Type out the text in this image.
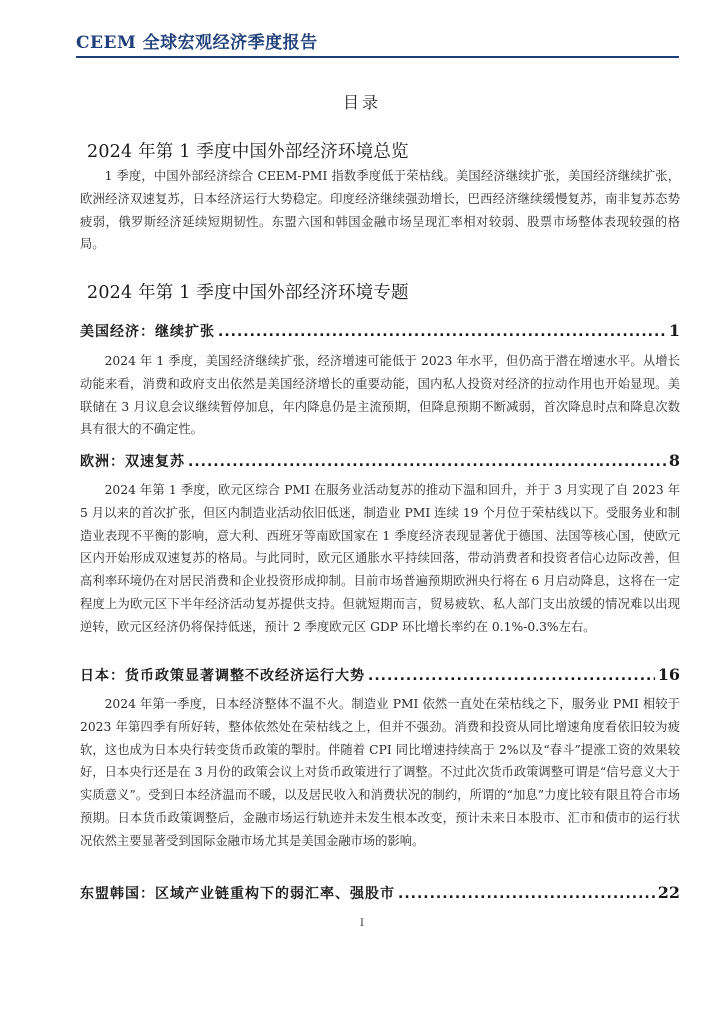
CEEM 全球宏观经济季度报告
目录
2024 年第 1 季度中国外部经济环境总览

1 季度，中国外部经济综合 CEEM-PMI 指数季度低于荣枯线。美国经济继续扩张，美国经济继续扩张，欧洲经济双速复苏，日本经济运行大势稳定。印度经济继续强劲增长，巴西经济继续缓慢复苏，南非复苏态势疲弱，俄罗斯经济延续短期韧性。东盟六国和韩国金融市场呈现汇率相对较弱、股票市场整体表现较强的格局。

2024 年第 1 季度中国外部经济环境专题
美国经济：继续扩张 .....	1

2024 年 1 季度，美国经济继续扩张，经济增速可能低于 2023 年水平，但仍高于潜在增速水平。从增长动能来看，消费和政府支出依然是美国经济增长的重要动能，国内私人投资对经济的拉动作用也开始显现。美联储在 3 月议息会议继续暂停加息，年内降息仍是主流预期，但降息预期不断减弱，首次降息时点和降息次数具有很大的不确定性。

欧洲：双速复苏 .....	8

2024 年第 1 季度，欧元区综合 PMI 在服务业活动复苏的推动下温和回升，并于 3 月实现了自 2023 年 5 月以来的首次扩张，但区内制造业活动依旧低迷，制造业 PMI 连续 19 个月位于荣枯线以下。受服务业和制造业表现不平衡的影响，意大利、西班牙等南欧国家在 1 季度经济表现显著优于德国、法国等核心国，使欧元区内开始形成双速复苏的格局。与此同时，欧元区通胀水平持续回落，带动消费者和投资者信心边际改善，但高利率环境仍在对居民消费和企业投资形成抑制。目前市场普遍预期欧洲央行将在 6 月启动降息，这将在一定程度上为欧元区下半年经济活动复苏提供支持。但就短期而言，贸易疲软、私人部门支出放缓的情况难以出现逆转，欧元区经济仍将保持低迷，预计 2 季度欧元区 GDP 环比增长率约在 0.1%-0.3%左右。

日本：货币政策显著调整不改经济运行大势 .....	16

2024 年第一季度，日本经济整体不温不火。制造业 PMI 依然一直处在荣枯线之下，服务业 PMI 相较于 2023 年第四季有所好转，整体依然处在荣枯线之上，但并不强劲。消费和投资从同比增速角度看依旧较为疲软，这也成为日本央行转变货币政策的掣肘。伴随着 CPI 同比增速持续高于 2%以及“春斗”提涨工资的效果较好，日本央行还是在 3 月份的政策会议上对货币政策进行了调整。不过此次货币政策调整可谓是“信号意义大于实质意义”。受到日本经济温而不暖，以及居民收入和消费状况的制约，所谓的“加息”力度比较有限且符合市场预期。日本货币政策调整后，金融市场运行轨迹并未发生根本改变，预计未来日本股市、汇市和债市的运行状况依然主要显著受到国际金融市场尤其是美国金融市场的影响。

东盟韩国：区域产业链重构下的弱汇率、强股市 .....	22
I
